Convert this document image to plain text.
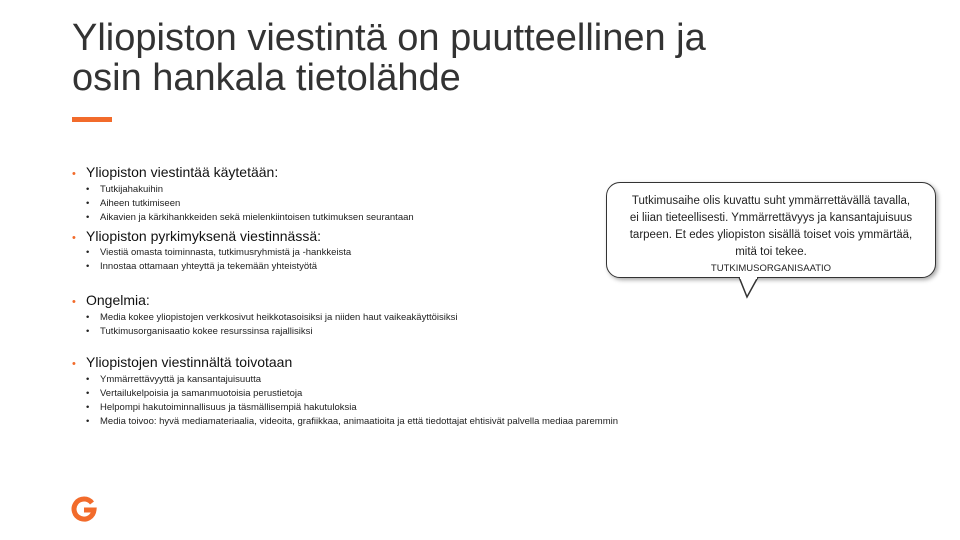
Yliopiston viestintä on puutteellinen ja
osin hankala tietolähde
• Yliopiston viestintää käytetään:
• Tutkijahakuihin
• Aiheen tutkimiseen
• Aikavien ja kärkihankkeiden sekä mielenkiintoisen tutkimuksen seurantaan
• Yliopiston pyrkimyksenä viestinnässä:
• Viestiä omasta toiminnasta, tutkimusryhmistä ja -hankkeista
• Innostaa ottamaan yhteyttä ja tekemään yhteistyötä
• Ongelmia:
• Media kokee yliopistojen verkkosivut heikkotasoisiksi ja niiden haut vaikeakäyttöisiksi
• Tutkimusorganisaatio kokee resurssinsa rajallisiksi
• Yliopistojen viestinnältä toivotaan
• Ymmärrettävyyttä ja kansantajuisuutta
• Vertailukelpoisia ja samanmuotoisia perustietoja
• Helpompi hakutoiminnallisuus ja täsmällisempiä hakutuloksia
• Media toivoo: hyvä mediamateriaalia, videoita, grafiikkaa, animaatioita ja että tiedottajat ehtisivät palvella mediaa paremmin
Tutkimusaihe olis kuvattu suht ymmärrettävällä tavalla,
ei liian tieteellisesti. Ymmärrettävyys ja kansantajuisuus
tarpeen. Et edes yliopiston sisällä toiset vois ymmärtää,
mitä toi tekee.
TUTKIMUSORGANISAATIO
